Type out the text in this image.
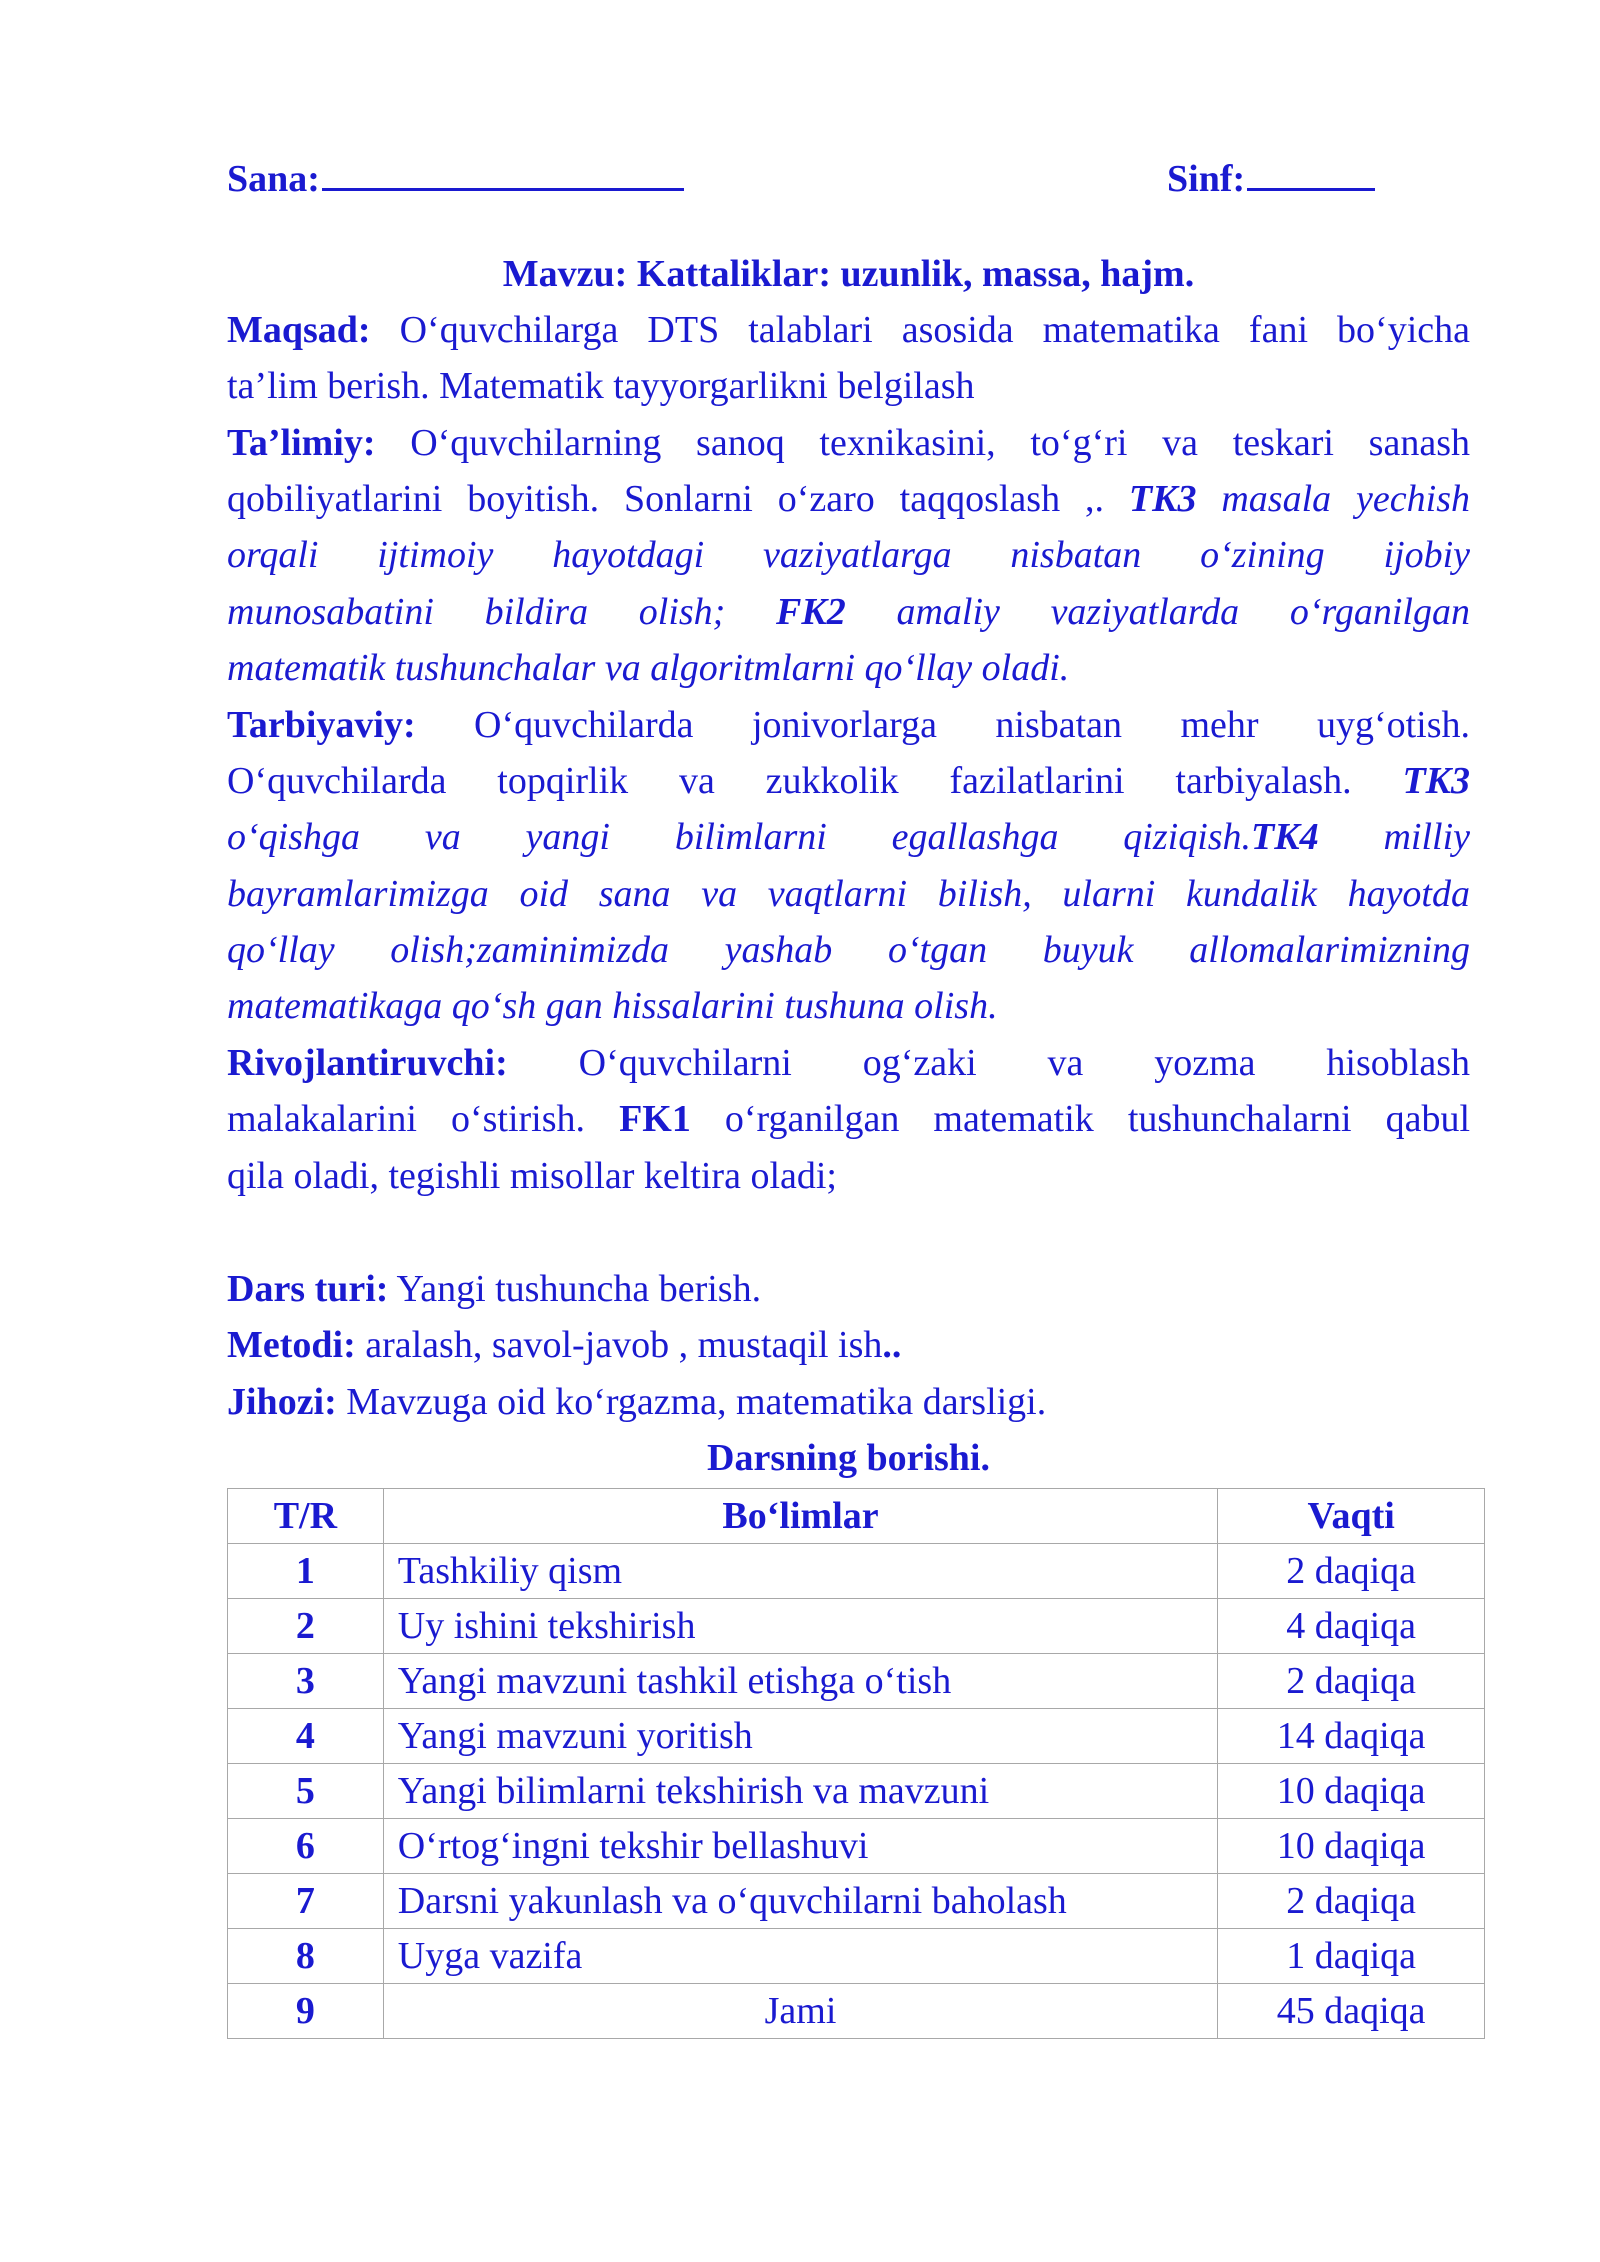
Sana:	Sinf:
Mavzu: Kattaliklar: uzunlik, massa, hajm.
Maqsad: O‘quvchilarga DTS talablari asosida matematika fani bo‘yicha
ta’lim berish. Matematik tayyorgarlikni belgilash
Ta’limiy: O‘quvchilarning sanoq texnikasini, to‘g‘ri va teskari sanash
qobiliyatlarini boyitish. Sonlarni o‘zaro taqqoslash ,. TK3 masala yechish
orqali ijtimoiy hayotdagi vaziyatlarga nisbatan o‘zining ijobiy
munosabatini bildira olish; FK2 amaliy vaziyatlarda o‘rganilgan
matematik tushunchalar va algoritmlarni qo‘llay oladi.
Tarbiyaviy: O‘quvchilarda jonivorlarga nisbatan mehr uyg‘otish.
O‘quvchilarda topqirlik va zukkolik fazilatlarini tarbiyalash. TK3
o‘qishga va yangi bilimlarni egallashga qiziqish.TK4 milliy
bayramlarimizga oid sana va vaqtlarni bilish, ularni kundalik hayotda
qo‘llay olish;zaminimizda yashab o‘tgan buyuk allomalarimizning
matematikaga qo‘sh gan hissalarini tushuna olish.
Rivojlantiruvchi: O‘quvchilarni og‘zaki va yozma hisoblash
malakalarini o‘stirish. FK1 o‘rganilgan matematik tushunchalarni qabul
qila oladi, tegishli misollar keltira oladi;
Dars turi: Yangi tushuncha berish.
Metodi: aralash, savol-javob , mustaqil ish..
Jihozi: Mavzuga oid ko‘rgazma, matematika darsligi.
Darsning borishi.
T/R	Bo‘limlar	Vaqti
1	Tashkiliy qism	2 daqiqa
2	Uy ishini tekshirish	4 daqiqa
3	Yangi mavzuni tashkil etishga o‘tish	2 daqiqa
4	Yangi mavzuni yoritish	14 daqiqa
5	Yangi bilimlarni tekshirish va mavzuni	10 daqiqa
6	O‘rtog‘ingni tekshir bellashuvi	10 daqiqa
7	Darsni yakunlash va o‘quvchilarni baholash	2 daqiqa
8	Uyga vazifa	1 daqiqa
9	Jami	45 daqiqa
